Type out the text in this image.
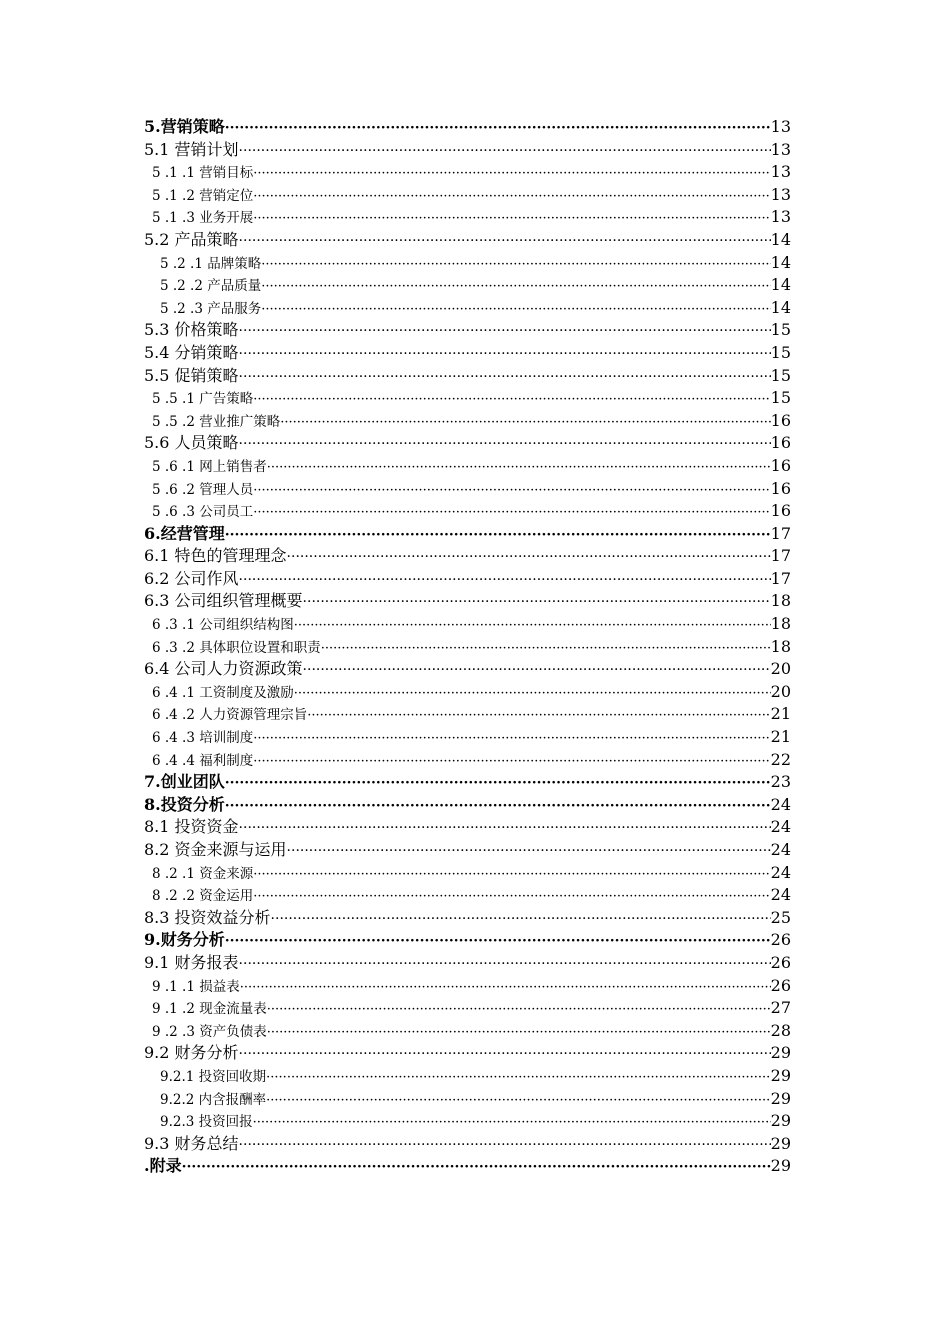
5.营销策略 ·····	13
5.1 营销计划 ·····	13
5 .1 .1 营销目标 ·····	13
5 .1 .2 营销定位 ·····	13
5 .1 .3 业务开展 ·····	13
5.2 产品策略 ·····	14
5 .2 .1 品牌策略 ·····	14
5 .2 .2 产品质量 ·····	14
5 .2 .3 产品服务 ·····	14
5.3 价格策略 ·····	15
5.4 分销策略 ·····	15
5.5 促销策略 ·····	15
5 .5 .1 广告策略 ·····	15
5 .5 .2 营业推广策略 ·····	16
5.6 人员策略 ·····	16
5 .6 .1 网上销售者 ·····	16
5 .6 .2 管理人员 ·····	16
5 .6 .3 公司员工 ·····	16
6.经营管理 ·····	17
6.1 特色的管理理念 ·····	17
6.2 公司作风 ·····	17
6.3 公司组织管理概要 ·····	18
6 .3 .1 公司组织结构图 ·····	18
6 .3 .2 具体职位设置和职责 ·····	18
6.4 公司人力资源政策 ·····	20
6 .4 .1 工资制度及激励 ·····	20
6 .4 .2 人力资源管理宗旨 ·····	21
6 .4 .3 培训制度 ·····	21
6 .4 .4 福利制度 ·····	22
7.创业团队 ·····	23
8.投资分析 ·····	24
8.1 投资资金 ·····	24
8.2 资金来源与运用 ·····	24
8 .2 .1 资金来源 ·····	24
8 .2 .2 资金运用 ·····	24
8.3 投资效益分析 ·····	25
9.财务分析 ·····	26
9.1 财务报表 ·····	26
9 .1 .1 损益表 ·····	26
9 .1 .2 现金流量表 ·····	27
9 .2 .3 资产负债表 ·····	28
9.2 财务分析 ·····	29
9.2.1 投资回收期 ·····	29
9.2.2 内含报酬率 ·····	29
9.2.3 投资回报 ·····	29
9.3 财务总结 ·····	29
.附录 ·····	29
